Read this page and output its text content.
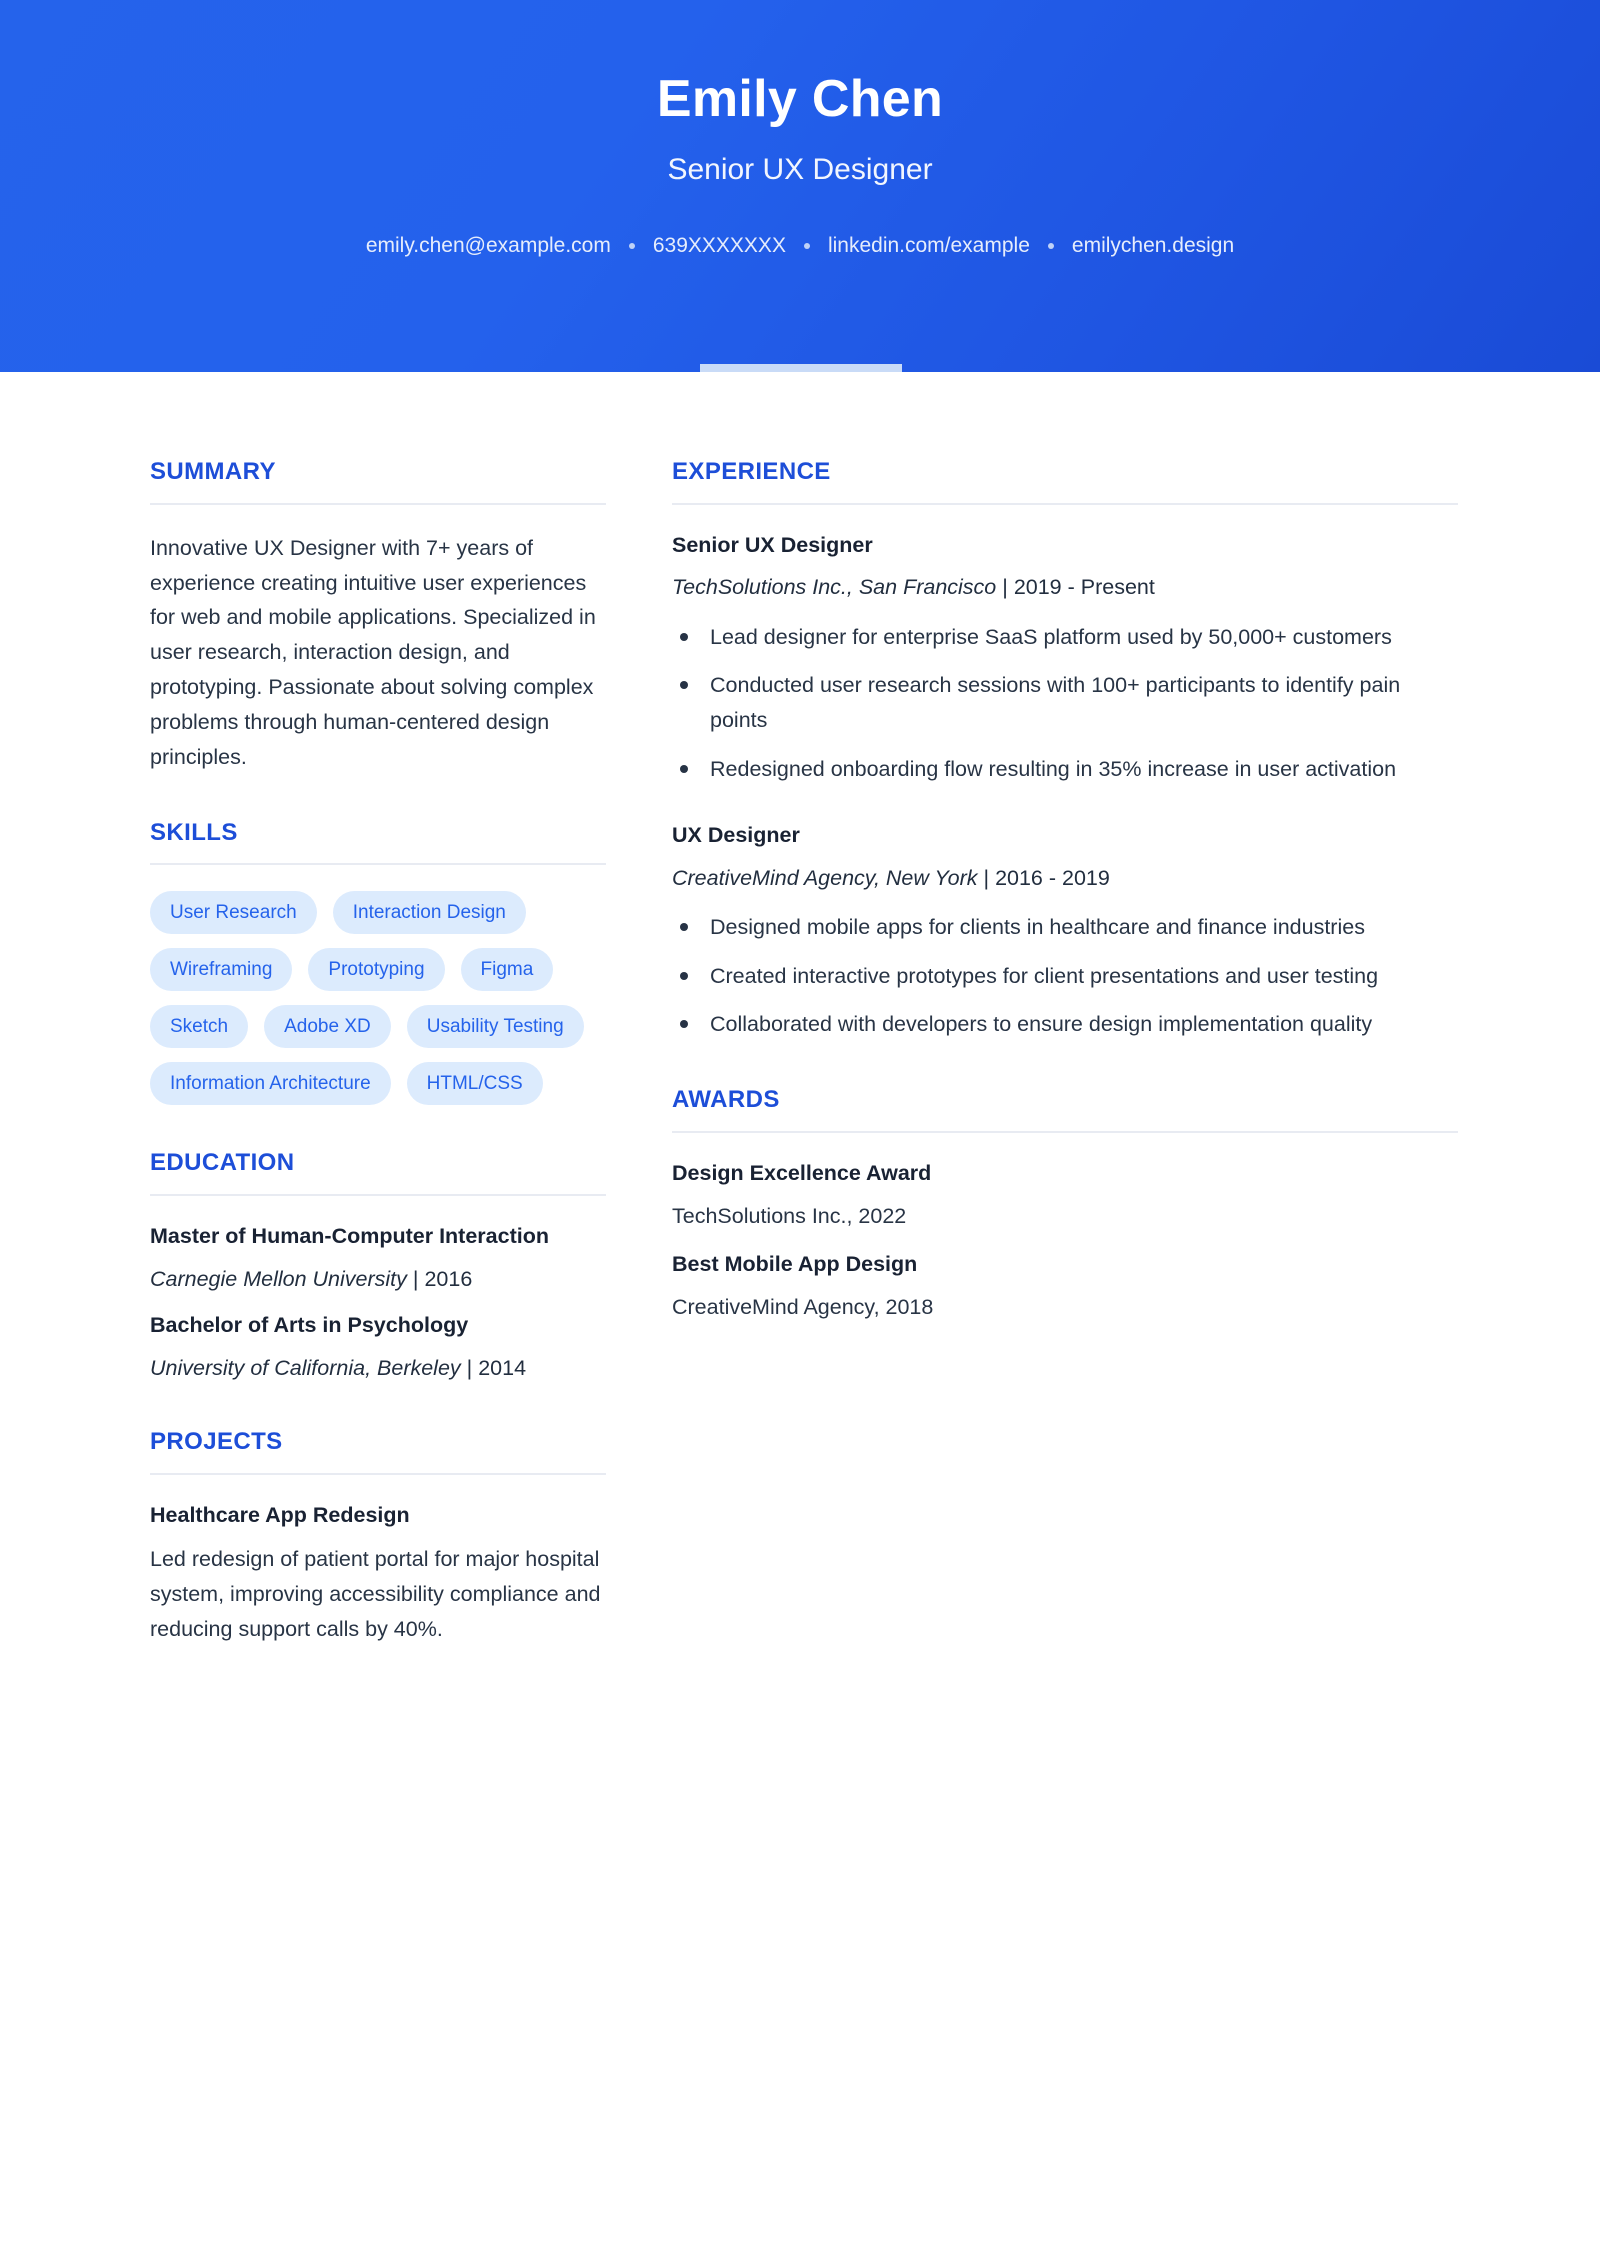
Emily Chen
Senior UX Designer
emily.chen@example.com 639XXXXXXX linkedin.com/example emilychen.design
SUMMARY

Innovative UX Designer with 7+ years of experience creating intuitive user experiences for web and mobile applications. Specialized in user research, interaction design, and prototyping. Passionate about solving complex problems through human-centered design principles.

SKILLS
User Research	Interaction Design
Wireframing	Prototyping	Figma
Sketch	Adobe XD	Usability Testing
Information Architecture	HTML/CSS
EDUCATION
Master of Human-Computer Interaction
Carnegie Mellon University | 2016
Bachelor of Arts in Psychology
University of California, Berkeley | 2014
PROJECTS
Healthcare App Redesign
Led redesign of patient portal for major hospital system, improving accessibility compliance and reducing support calls by 40%.
EXPERIENCE
Senior UX Designer
TechSolutions Inc., San Francisco | 2019 - Present
Lead designer for enterprise SaaS platform used by 50,000+ customers
Conducted user research sessions with 100+ participants to identify pain points
Redesigned onboarding flow resulting in 35% increase in user activation
UX Designer
CreativeMind Agency, New York | 2016 - 2019
Designed mobile apps for clients in healthcare and finance industries
Created interactive prototypes for client presentations and user testing
Collaborated with developers to ensure design implementation quality
AWARDS
Design Excellence Award
TechSolutions Inc., 2022
Best Mobile App Design
CreativeMind Agency, 2018
